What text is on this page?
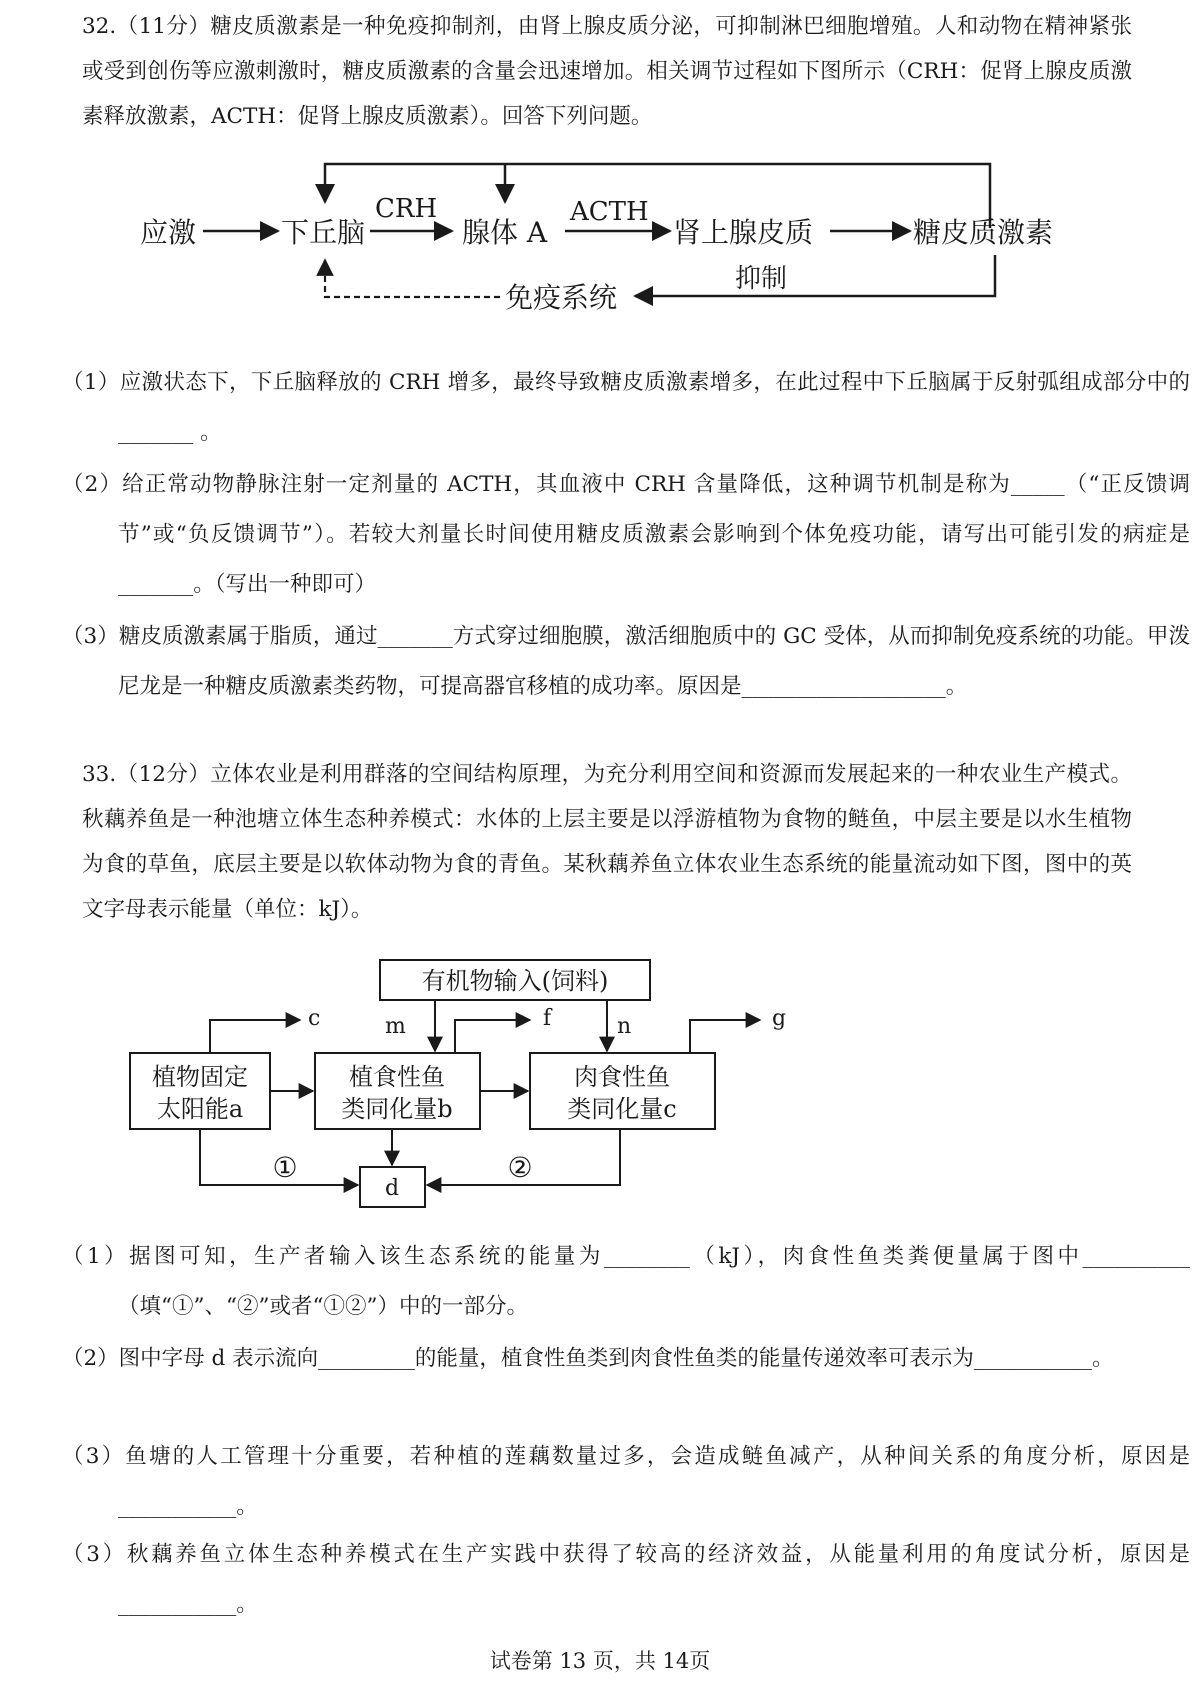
32.（11分）糖皮质激素是一种免疫抑制剂，由肾上腺皮质分泌，可抑制淋巴细胞增殖。人和动物在精神紧张或受到创伤等应激刺激时，糖皮质激素的含量会迅速增加。相关调节过程如下图所示（CRH：促肾上腺皮质激素释放激素，ACTH：促肾上腺皮质激素）。回答下列问题。

应激	下丘脑
CRH
腺体 A
ACTH
肾上腺皮质	糖皮质激素
抑制
免疫系统

（1）应激状态下，下丘脑释放的 CRH 增多，最终导致糖皮质激素增多，在此过程中下丘脑属于反射弧组成部分中的_______ 。

（2）给正常动物静脉注射一定剂量的 ACTH，其血液中 CRH 含量降低，这种调节机制是称为_____（“正反馈调节”或“负反馈调节”）。若较大剂量长时间使用糖皮质激素会影响到个体免疫功能，请写出可能引发的病症是_______。（写出一种即可）

（3）糖皮质激素属于脂质，通过_______方式穿过细胞膜，激活细胞质中的 GC 受体，从而抑制免疫系统的功能。甲泼尼龙是一种糖皮质激素类药物，可提高器官移植的成功率。原因是___________________。

33.（12分）立体农业是利用群落的空间结构原理，为充分利用空间和资源而发展起来的一种农业生产模式。秋藕养鱼是一种池塘立体生态种养模式：水体的上层主要是以浮游植物为食物的鲢鱼，中层主要是以水生植物为食的草鱼，底层主要是以软体动物为食的青鱼。某秋藕养鱼立体农业生态系统的能量流动如下图，图中的英文字母表示能量（单位：kJ）。

有机物输入(饲料)
植物固定
太阳能a
植食性鱼
类同化量b
肉食性鱼
类同化量c
d
c	m	f	n	g
①	②

（1）据图可知，生产者输入该生态系统的能量为________（kJ），肉食性鱼类粪便量属于图中__________（填“①”、“②”或者“①②”）中的一部分。

（2）图中字母 d 表示流向_________的能量，植食性鱼类到肉食性鱼类的能量传递效率可表示为___________。

（3）鱼塘的人工管理十分重要，若种植的莲藕数量过多，会造成鲢鱼减产，从种间关系的角度分析，原因是___________。

（3）秋藕养鱼立体生态种养模式在生产实践中获得了较高的经济效益，从能量利用的角度试分析，原因是___________。

试卷第 13 页，共 14页
